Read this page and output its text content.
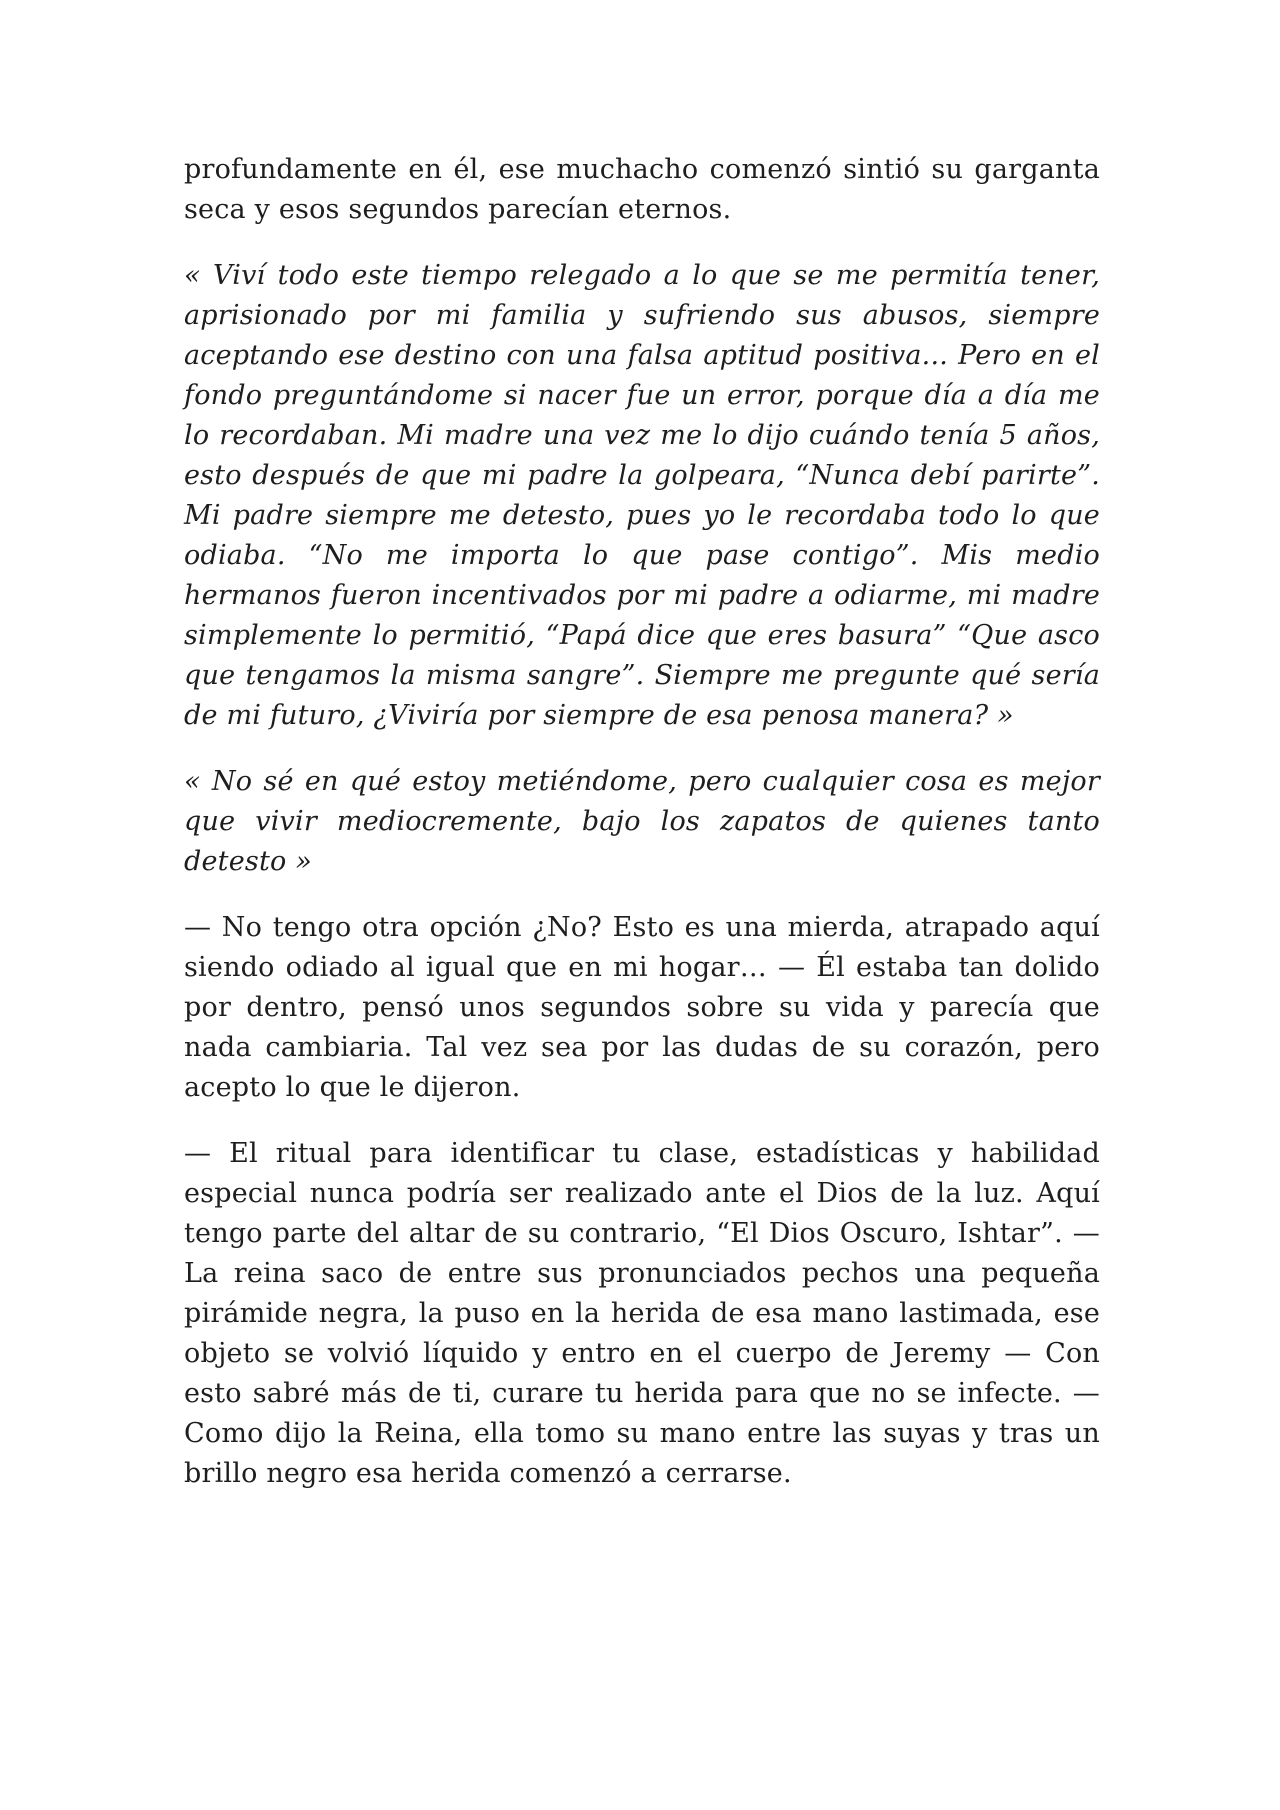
profundamente en él, ese muchacho comenzó sintió su garganta seca y esos segundos parecían eternos.

« Viví todo este tiempo relegado a lo que se me permitía tener, aprisionado por mi familia y sufriendo sus abusos, siempre aceptando ese destino con una falsa aptitud positiva... Pero en el fondo preguntándome si nacer fue un error, porque día a día me lo recordaban. Mi madre una vez me lo dijo cuándo tenía 5 años, esto después de que mi padre la golpeara, “Nunca debí parirte”. Mi padre siempre me detesto, pues yo le recordaba todo lo que odiaba. “No me importa lo que pase contigo”. Mis medio hermanos fueron incentivados por mi padre a odiarme, mi madre simplemente lo permitió, “Papá dice que eres basura” “Que asco que tengamos la misma sangre”. Siempre me pregunte qué sería de mi futuro, ¿Viviría por siempre de esa penosa manera? »

« No sé en qué estoy metiéndome, pero cualquier cosa es mejor que vivir mediocremente, bajo los zapatos de quienes tanto detesto »

— No tengo otra opción ¿No? Esto es una mierda, atrapado aquí siendo odiado al igual que en mi hogar… — Él estaba tan dolido por dentro, pensó unos segundos sobre su vida y parecía que nada cambiaria. Tal vez sea por las dudas de su corazón, pero acepto lo que le dijeron.

— El ritual para identificar tu clase, estadísticas y habilidad especial nunca podría ser realizado ante el Dios de la luz. Aquí tengo parte del altar de su contrario, “El Dios Oscuro, Ishtar”. — La reina saco de entre sus pronunciados pechos una pequeña pirámide negra, la puso en la herida de esa mano lastimada, ese objeto se volvió líquido y entro en el cuerpo de Jeremy — Con esto sabré más de ti, curare tu herida para que no se infecte. — Como dijo la Reina, ella tomo su mano entre las suyas y tras un brillo negro esa herida comenzó a cerrarse.
